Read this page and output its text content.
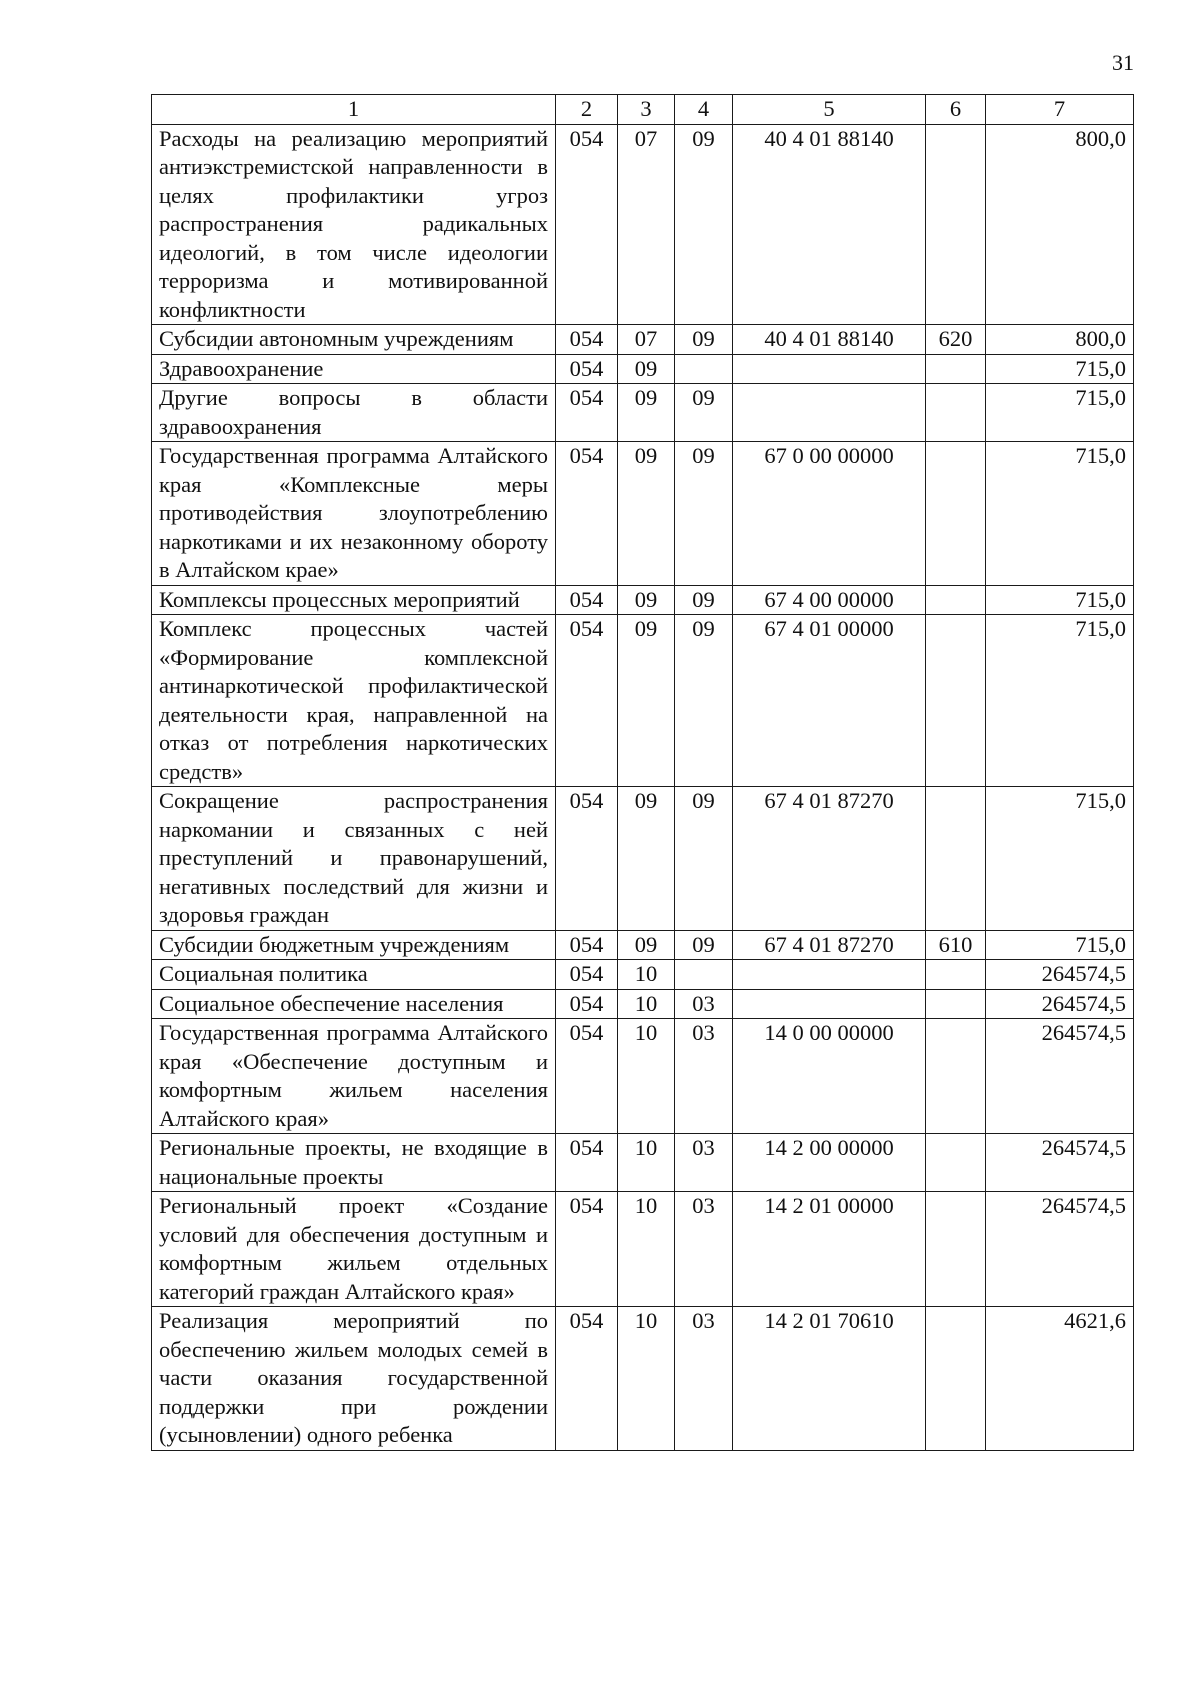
31
1	2	3	4	5	6	7
Расходы на реализацию мероприятий антиэкстремистской направленности в целях профилактики угроз распространения радикальных идеологий, в том числе идеологии терроризма и мотивированной конфликтности	054	07	09	40 4 01 88140		800,0
Субсидии автономным учреждениям	054	07	09	40 4 01 88140	620	800,0
Здравоохранение	054	09				715,0
Другие вопросы в области здравоохранения	054	09	09			715,0
Государственная программа Алтайского края «Комплексные меры противодействия злоупотреблению наркотиками и их незаконному обороту в Алтайском крае»	054	09	09	67 0 00 00000		715,0
Комплексы процессных мероприятий	054	09	09	67 4 00 00000		715,0
Комплекс процессных частей «Формирование комплексной антинаркотической профилактической деятельности края, направленной на отказ от потребления наркотических средств»	054	09	09	67 4 01 00000		715,0
Сокращение распространения наркомании и связанных с ней преступлений и правонарушений, негативных последствий для жизни и здоровья граждан	054	09	09	67 4 01 87270		715,0
Субсидии бюджетным учреждениям	054	09	09	67 4 01 87270	610	715,0
Социальная политика	054	10				264574,5
Социальное обеспечение населения	054	10	03			264574,5
Государственная программа Алтайского края «Обеспечение доступным и комфортным жильем населения Алтайского края»	054	10	03	14 0 00 00000		264574,5
Региональные проекты, не входящие в национальные проекты	054	10	03	14 2 00 00000		264574,5
Региональный проект «Создание условий для обеспечения доступным и комфортным жильем отдельных категорий граждан Алтайского края»	054	10	03	14 2 01 00000		264574,5
Реализация мероприятий по обеспечению жильем молодых семей в части оказания государственной поддержки при рождении (усыновлении) одного ребенка	054	10	03	14 2 01 70610		4621,6
